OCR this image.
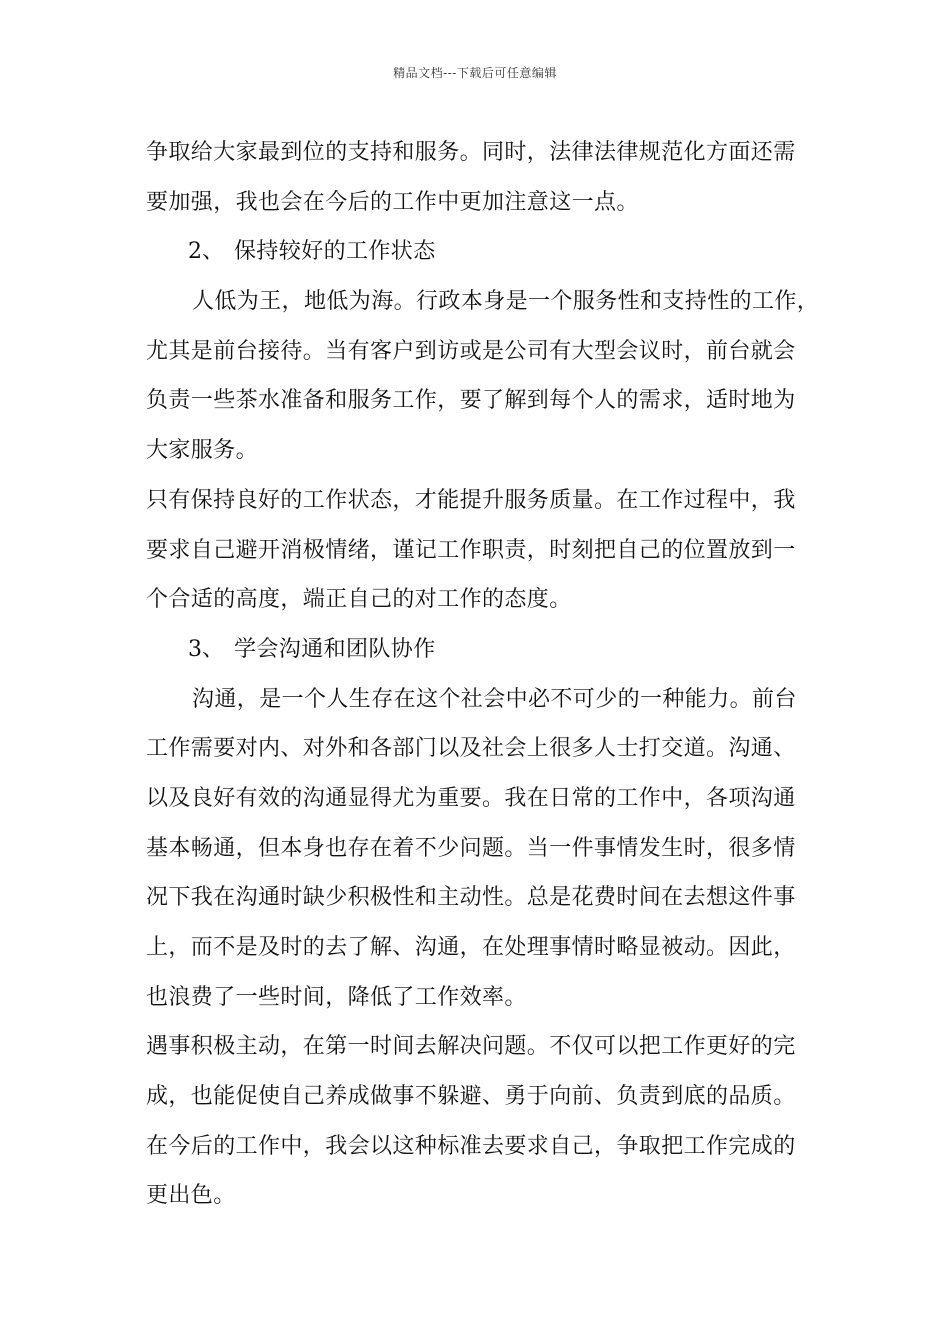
精品文档---下载后可任意编辑
争取给大家最到位的支持和服务。同时，法律法律规范化方面还需
要加强，我也会在今后的工作中更加注意这一点。
2、 保持较好的工作状态
人低为王，地低为海。行政本身是一个服务性和支持性的工作，
尤其是前台接待。当有客户到访或是公司有大型会议时，前台就会
负责一些茶水准备和服务工作，要了解到每个人的需求，适时地为
大家服务。
只有保持良好的工作状态，才能提升服务质量。在工作过程中，我
要求自己避开消极情绪，谨记工作职责，时刻把自己的位置放到一
个合适的高度，端正自己的对工作的态度。
3、 学会沟通和团队协作
沟通，是一个人生存在这个社会中必不可少的一种能力。前台
工作需要对内、对外和各部门以及社会上很多人士打交道。沟通、
以及良好有效的沟通显得尤为重要。我在日常的工作中，各项沟通
基本畅通，但本身也存在着不少问题。当一件事情发生时，很多情
况下我在沟通时缺少积极性和主动性。总是花费时间在去想这件事
上，而不是及时的去了解、沟通，在处理事情时略显被动。因此，
也浪费了一些时间，降低了工作效率。
遇事积极主动，在第一时间去解决问题。不仅可以把工作更好的完
成，也能促使自己养成做事不躲避、勇于向前、负责到底的品质。
在今后的工作中，我会以这种标准去要求自己，争取把工作完成的
更出色。
